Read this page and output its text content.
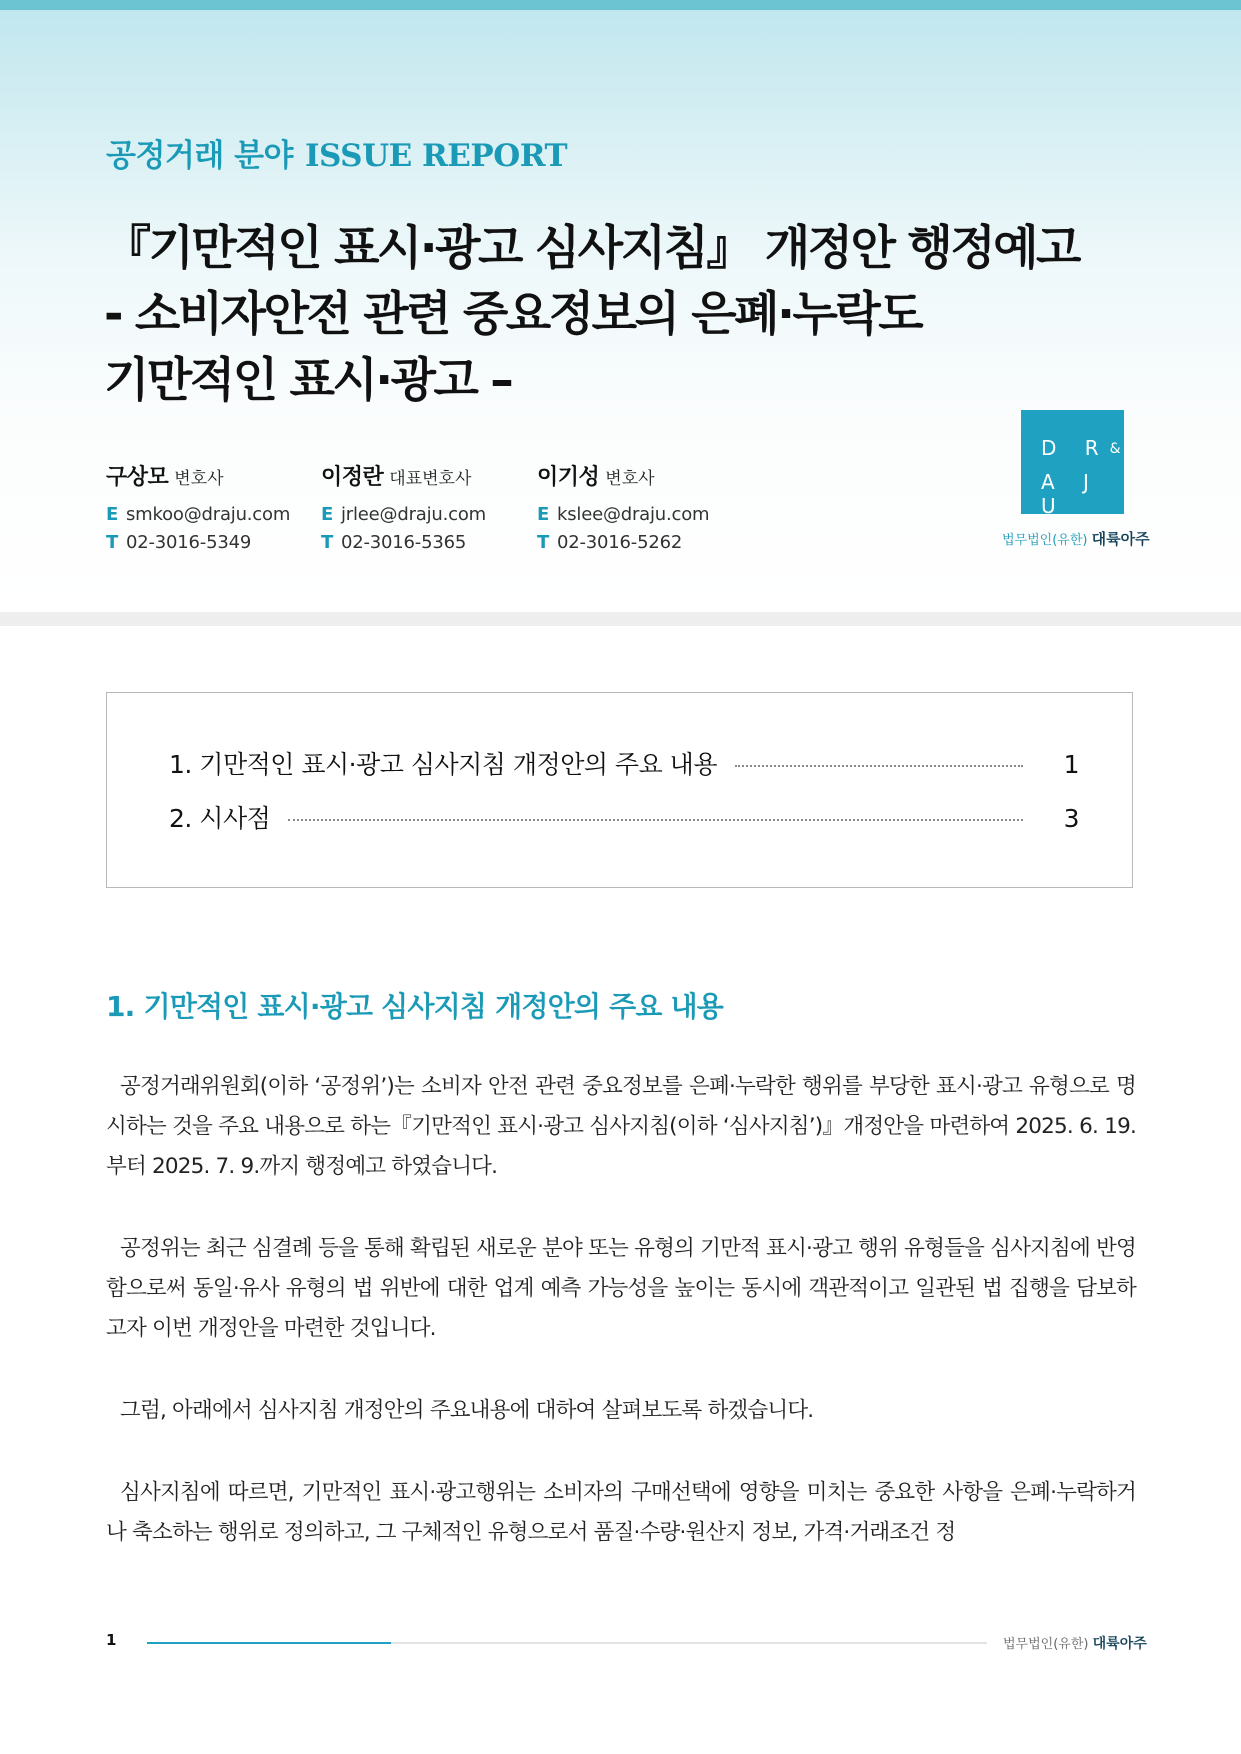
공정거래 분야 ISSUE REPORT
『기만적인 표시·광고 심사지침』 개정안 행정예고
- 소비자안전 관련 중요정보의 은폐·누락도
기만적인 표시·광고 –
구상모 변호사
E smkoo@draju.com
T 02-3016-5349
이정란 대표변호사
E jrlee@draju.com
T 02-3016-5365
이기성 변호사
E kslee@draju.com
T 02-3016-5262
D R&
A J U
법무법인(유한) 대륙아주
1. 기만적인 표시·광고 심사지침 개정안의 주요 내용	1
2. 시사점	3
1. 기만적인 표시·광고 심사지침 개정안의 주요 내용

공정거래위원회(이하 ‘공정위’)는 소비자 안전 관련 중요정보를 은폐·누락한 행위를 부당한 표시·광고 유형으로 명시하는 것을 주요 내용으로 하는『기만적인 표시·광고 심사지침(이하 ‘심사지침’)』개정안을 마련하여 2025. 6. 19.부터 2025. 7. 9.까지 행정예고 하였습니다.

공정위는 최근 심결례 등을 통해 확립된 새로운 분야 또는 유형의 기만적 표시·광고 행위 유형들을 심사지침에 반영함으로써 동일·유사 유형의 법 위반에 대한 업계 예측 가능성을 높이는 동시에 객관적이고 일관된 법 집행을 담보하고자 이번 개정안을 마련한 것입니다.

그럼, 아래에서 심사지침 개정안의 주요내용에 대하여 살펴보도록 하겠습니다.

심사지침에 따르면, 기만적인 표시·광고행위는 소비자의 구매선택에 영향을 미치는 중요한 사항을 은폐·누락하거나 축소하는 행위로 정의하고, 그 구체적인 유형으로서 품질·수량·원산지 정보, 가격·거래조건 정

1	법무법인(유한) 대륙아주
